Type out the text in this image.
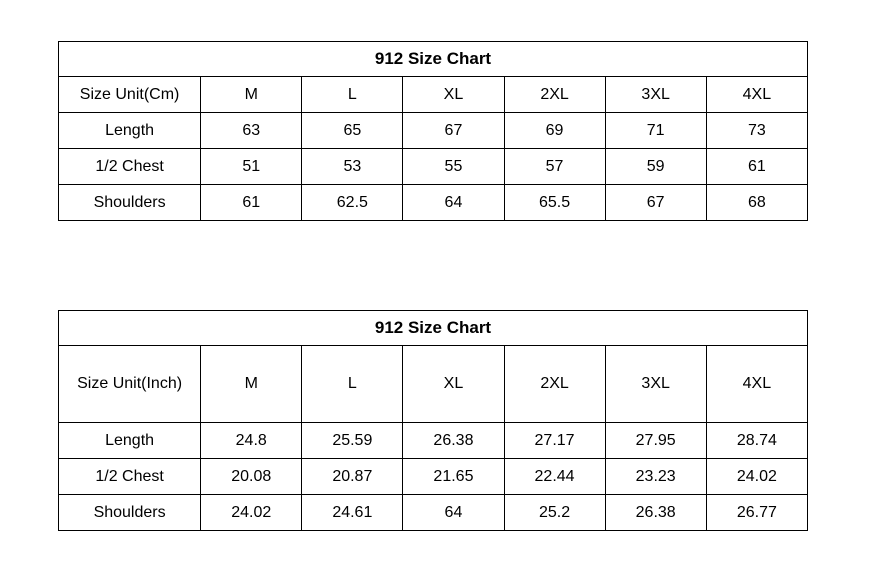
912 Size Chart						
Size Unit(Cm)	M	L	XL	2XL	3XL	4XL
Length	63	65	67	69	71	73
1/2 Chest	51	53	55	57	59	61
Shoulders	61	62.5	64	65.5	67	68
912 Size Chart						
Size Unit(Inch)	M	L	XL	2XL	3XL	4XL
Length	24.8	25.59	26.38	27.17	27.95	28.74
1/2 Chest	20.08	20.87	21.65	22.44	23.23	24.02
Shoulders	24.02	24.61	64	25.2	26.38	26.77
